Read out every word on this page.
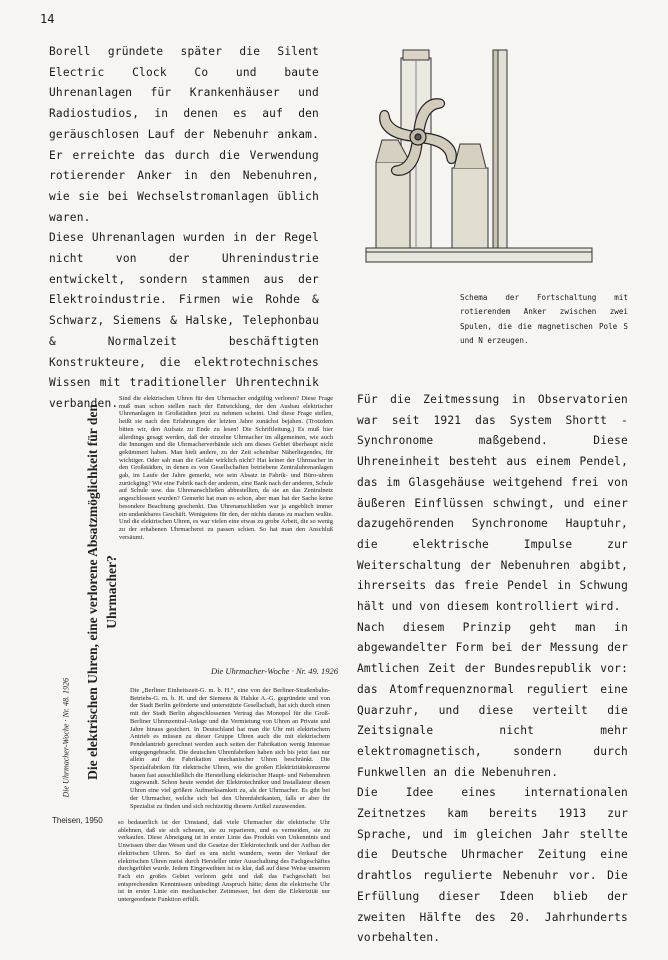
14

Borell gründete später die Silent Electric Clock Co und baute Uhrenanlagen für Krankenhäuser und Radiostudios, in denen es auf den geräuschlosen Lauf der Nebenuhr ankam. Er erreichte das durch die Verwendung rotierender Anker in den Nebenuhren, wie sie bei Wechselstromanlagen üblich waren.

Diese Uhrenanlagen wurden in der Regel nicht von der Uhrenindustrie entwickelt, sondern stammen aus der Elektroindustrie. Firmen wie Rohde & Schwarz, Siemens & Halske, Telephonbau & Normalzeit beschäftigten Konstrukteure, die elektrotechnisches Wissen mit traditioneller Uhrentechnik verbanden.

Schema der Fortschaltung mit rotierendem Anker zwischen zwei Spulen, die die magnetischen Pole S und N erzeugen.
Die Uhrmacher-Woche · Nr. 48. 1926 Die elektrischen Uhren, eine verlorene Absatzmöglichkeit für den Uhrmacher?

Sind die elektrischen Uhren für den Uhrmacher endgültig verloren? Diese Frage muß man schon stellen nach der Entwicklung, der den Ausbau elektrischer Uhrenanlagen in Großstädten jetzt zu nehmen scheint. Und diese Frage stellen, heißt sie nach den Erfahrungen der letzten Jahre zunächst bejahen. (Trotzdem bitten wir, den Aufsatz zu Ende zu lesen! Die Schriftleitung.) Es muß hier allerdings gesagt werden, daß der einzelne Uhrmacher im allgemeinen, wie auch die Innungen und die Uhrmacherverbände sich um dieses Gebiet überhaupt nicht gekümmert haben. Man hielt andere, zu der Zeit scheinbar Näherliegendes, für wichtiger. Oder sah man die Gefahr wirklich nicht? Hat keiner der Uhrmacher in den Großstädten, in denen es von Gesellschaften betriebene Zentraluhrenanlagen gab, im Laufe der Jahre gemerkt, wie sein Absatz in Fabrik- und Büro-uhren zurückging? Wie eine Fabrik nach der anderen, eine Bank nach der anderen, Schule auf Schule usw. das Uhrenanschließen abbestellten, da sie an das Zentralnetz angeschlossen wurden? Gemerkt hat man es schon, aber man hat der Sache keine besondere Beachtung geschenkt. Das Uhrenanschließen war ja angeblich immer ein undankbares Geschäft. Wenigstens für den, der nichts daraus zu machen wußte. Und die elektrischen Uhren, es war vielen eine etwas zu grobe Arbeit, die so wenig zu der erhabenen Uhrmacherei zu passen schien. So hat man den Anschluß versäumt.

Die Uhrmacher-Woche · Nr. 49. 1926

Die „Berliner Einheitszeit-G. m. b. H.“, eine von der Berliner-Straßenbahn-Betriebs-G. m. b. H. und der Siemens & Halske A.-G. gegründete und von der Stadt Berlin geförderte und unterstützte Gesellschaft, hat sich durch einen mit der Stadt Berlin abgeschlossenen Vertrag das Monopol für die Groß-Berliner Uhrenzentral-Anlage und die Vermietung von Uhren an Private und Jahre hinaus gesichert. In Deutschland hat man die Uhr mit elektrischem Antrieb es müssen zu dieser Gruppe Uhren auch die mit elektrischem Pendelantrieb gerechnet werden auch seiten der Fabrikation wenig Interesse entgegengebracht. Die deutschen Uhrenfabriken haben sich bis jetzt fast nur allein auf die Fabrikation mechanischer Uhren beschränkt. Die Spezialfabriken für elektrische Uhren, wie die großen Elektrizitätskonzerne bauen fast ausschließlich die Herstellung elektrischer Haupt- und Nebenuhren zugewandt. Schon heute wendet der Elektrotechniker und Installateur diesen Uhren eine viel größere Aufmerksamkeit zu, als der Uhrmacher. Es gibt bei der Uhrmacher, welche sich bei den Uhrenfabrikanten, falls er aber ihr Spezialist zu finden und sich rechtzeitig diesem Artikel zuzuwenden.

Theisen, 1950	so bedauerlich ist der Umstand, daß viele Uhrmacher die elektrische Uhr ablehnen, daß sie sich scheuen, sie zu reparieren, und es vermeiden, sie zu verkaufen. Diese Abneigung ist in erster Linie das Produkt von Unkenntnis und Unwissen über das Wesen und die Gesetze der Elektrotechnik und der Aufbau der elektrischen Uhren. So darf es uns nicht wundern, wenn der Verkauf der elektrischen Uhren meist durch Hersteller unter Ausschaltung des Fachgeschäftes durchgeführt wurde. Jedem Eingeweihten ist es klar, daß auf diese Weise unserem Fach ein großes Gebiet verloren geht und daß das Fachgeschäft bei entsprechenden Kenntnissen unbedingt Anspruch hätte; denn die elektrische Uhr ist in erster Linie ein mechanischer Zeitmesser, bei dem die Elektrizität nur untergeordnete Funktion erfüllt.

Für die Zeitmessung in Observatorien war seit 1921 das System Shortt - Synchronome maßgebend. Diese Uhreneinheit besteht aus einem Pendel, das im Glasgehäuse weitgehend frei von äußeren Einflüssen schwingt, und einer dazugehörenden Synchronome Hauptuhr, die elektrische Impulse zur Weiterschaltung der Nebenuhren abgibt, ihrerseits das freie Pendel in Schwung hält und von diesem kontrolliert wird.

Nach diesem Prinzip geht man in abgewandelter Form bei der Messung der Amtlichen Zeit der Bundesrepublik vor: das Atomfrequenznormal reguliert eine Quarzuhr, und diese verteilt die Zeitsignale nicht mehr elektromagnetisch, sondern durch Funkwellen an die Nebenuhren.

Die Idee eines internationalen Zeitnetzes kam bereits 1913 zur Sprache, und im gleichen Jahr stellte die Deutsche Uhrmacher Zeitung eine drahtlos regulierte Nebenuhr vor. Die Erfüllung dieser Ideen blieb der zweiten Hälfte des 20. Jahrhunderts vorbehalten.
